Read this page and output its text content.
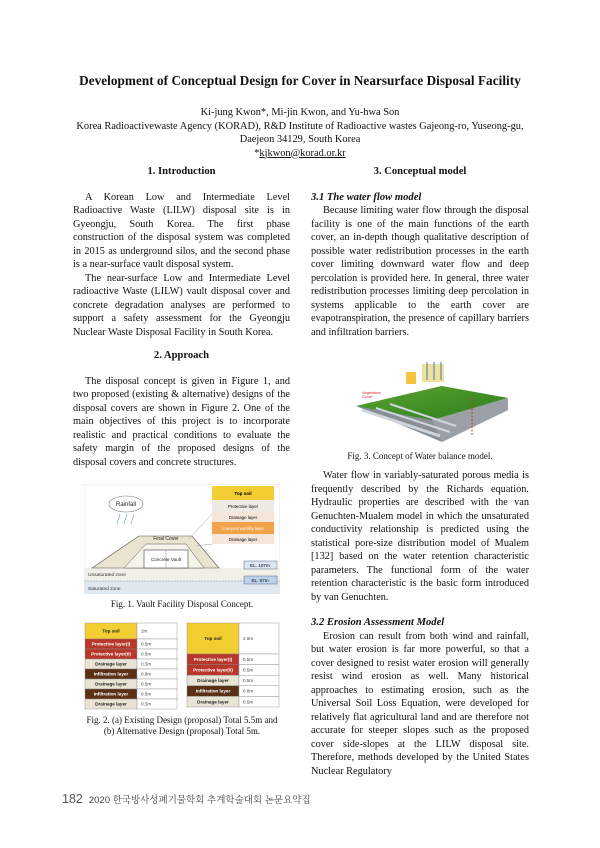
Development of Conceptual Design for Cover in Nearsurface Disposal Facility
Ki-jung Kwon*, Mi-jin Kwon, and Yu-hwa Son
Korea Radioactivewaste Agency (KORAD), R&D Institute of Radioactive wastes Gajeong-ro, Yuseong-gu,
Daejeon 34129, South Korea
*kjkwon@korad.or.kr
1. Introduction

A Korean Low and Intermediate Level Radioactive Waste (LILW) disposal site is in Gyeongju, South Korea. The first phase construction of the disposal system was completed in 2015 as underground silos, and the second phase is a near-surface vault disposal system.

The near-surface Low and Intermediate Level radioactive Waste (LILW) vault disposal cover and concrete degradation analyses are performed to support a safety assessment for the Gyeongju Nuclear Waste Disposal Facility in South Korea.

2. Approach

The disposal concept is given in Figure 1, and two proposed (existing & alternative) designs of the disposal covers are shown in Figure 2. One of the main objectives of this project is to incorporate realistic and practical conditions to evaluate the safety margin of the proposed designs of the disposal covers and concrete structures.

Rainfall
Final Cover
Concrete Vault
Unsaturated zone
Saturated zone
EL. 107m
EL. 57m
Top soil
Protective layer
Drainage layer
Low-permeability layer
Drainage layer
Fig. 1. Vault Facility Disposal Concept.
Top soil	2m
Protective layer(I) 0.5m
Protective layer(II) 0.5m
Drainage layer	0.5m
Infiltration layer	0.8m
Drainage layer	0.5m
Infiltration layer	0.5m
Drainage layer	0.5m
Top soil	2.6m
Protective layer(I) 0.5m
Protective layer(II) 0.5m
Drainage layer	0.5m
Infiltration layer	0.8m
Drainage layer	0.5m
Fig. 2. (a) Existing Design (proposal) Total 5.5m and
(b) Alternative Design (proposal) Total 5m.
3. Conceptual model
3.1 The water flow model

Because limiting water flow through the disposal facility is one of the main functions of the earth cover, an in-depth though qualitative description of possible water redistribution processes in the earth cover limiting downward water flow and deep percolation is provided here. In general, three water redistribution processes limiting deep percolation in systems applicable to the earth cover are evapotranspiration, the presence of capillary barriers and infiltration barriers.

Vegetation
Cover
Fig. 3. Concept of Water balance model.

Water flow in variably-saturated porous media is frequently described by the Richards equation. Hydraulic properties are described with the van Genuchten-Mualem model in which the unsaturated conductivity relationship is predicted using the statistical pore-size distribution model of Mualem [132] based on the water retention characteristic parameters. The functional form of the water retention characteristic is the basic form introduced by van Genuchten.

3.2 Erosion Assessment Model

Erosion can result from both wind and rainfall, but water erosion is far more powerful, so that a cover designed to resist water erosion will generally resist wind erosion as well. Many historical approaches to estimating erosion, such as the Universal Soil Loss Equation, were developed for relatively flat agricultural land and are therefore not accurate for steeper slopes such as the proposed cover side-slopes at the LILW disposal site. Therefore, methods developed by the United States Nuclear Regulatory

182 2020 한국방사성폐기물학회 추계학술대회 논문요약집
